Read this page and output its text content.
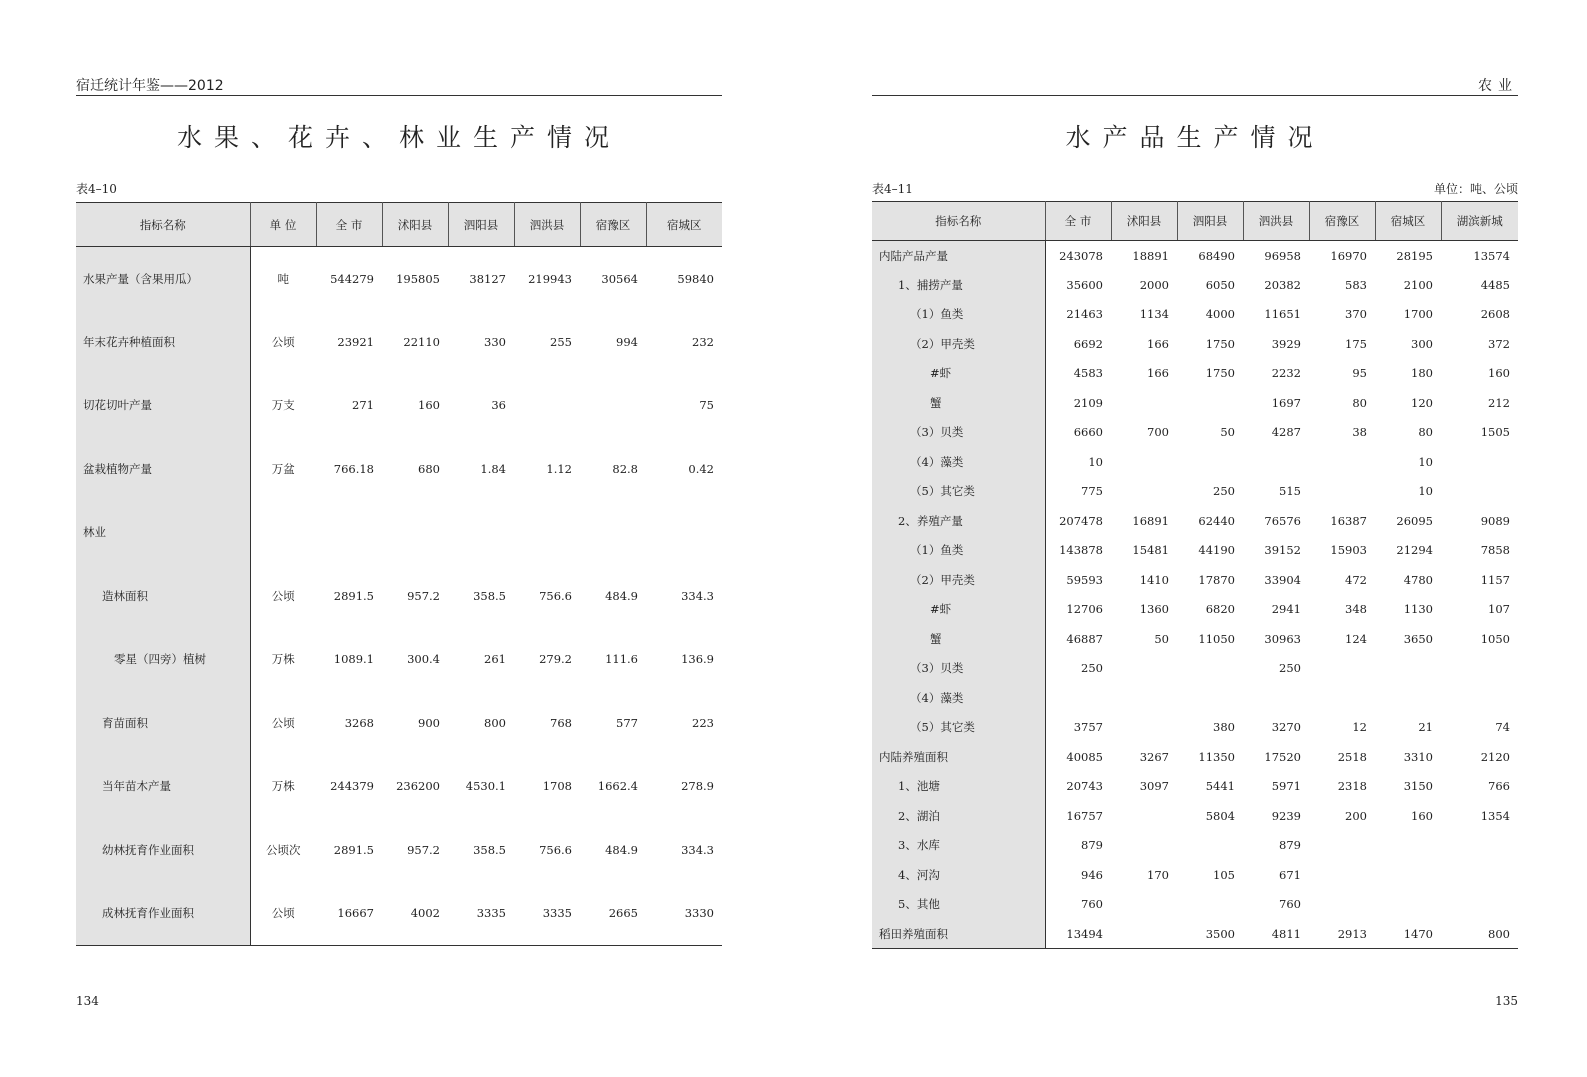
宿迁统计年鉴——2012
水果、花卉、林业生产情况
表4–10
指标名称	单 位	全 市	沭阳县	泗阳县	泗洪县	宿豫区	宿城区
水果产量（含果用瓜）	吨	544279	195805	38127	219943	30564	59840
年末花卉种植面积	公顷	23921	22110	330	255	994	232
切花切叶产量	万支	271	160	36			75
盆栽植物产量	万盆	766.18	680	1.84	1.12	82.8	0.42
林业							
造林面积	公顷	2891.5	957.2	358.5	756.6	484.9	334.3
零星（四旁）植树	万株	1089.1	300.4	261	279.2	111.6	136.9
育苗面积	公顷	3268	900	800	768	577	223
当年苗木产量	万株	244379	236200	4530.1	1708	1662.4	278.9
幼林抚育作业面积	公顷次	2891.5	957.2	358.5	756.6	484.9	334.3
成林抚育作业面积	公顷	16667	4002	3335	3335	2665	3330
134
农业
水产品生产情况
表4–11	单位：吨、公顷
指标名称	全 市	沭阳县	泗阳县	泗洪县	宿豫区	宿城区	湖滨新城
内陆产品产量	243078	18891	68490	96958	16970	28195	13574
1、捕捞产量	35600	2000	6050	20382	583	2100	4485
（1）鱼类	21463	1134	4000	11651	370	1700	2608
（2）甲壳类	6692	166	1750	3929	175	300	372
#虾	4583	166	1750	2232	95	180	160
蟹	2109			1697	80	120	212
（3）贝类	6660	700	50	4287	38	80	1505
（4）藻类	10					10	
（5）其它类	775		250	515		10	
2、养殖产量	207478	16891	62440	76576	16387	26095	9089
（1）鱼类	143878	15481	44190	39152	15903	21294	7858
（2）甲壳类	59593	1410	17870	33904	472	4780	1157
#虾	12706	1360	6820	2941	348	1130	107
蟹	46887	50	11050	30963	124	3650	1050
（3）贝类	250			250			
（4）藻类							
（5）其它类	3757		380	3270	12	21	74
内陆养殖面积	40085	3267	11350	17520	2518	3310	2120
1、池塘	20743	3097	5441	5971	2318	3150	766
2、湖泊	16757		5804	9239	200	160	1354
3、水库	879			879			
4、河沟	946	170	105	671			
5、其他	760			760			
稻田养殖面积	13494		3500	4811	2913	1470	800
135
